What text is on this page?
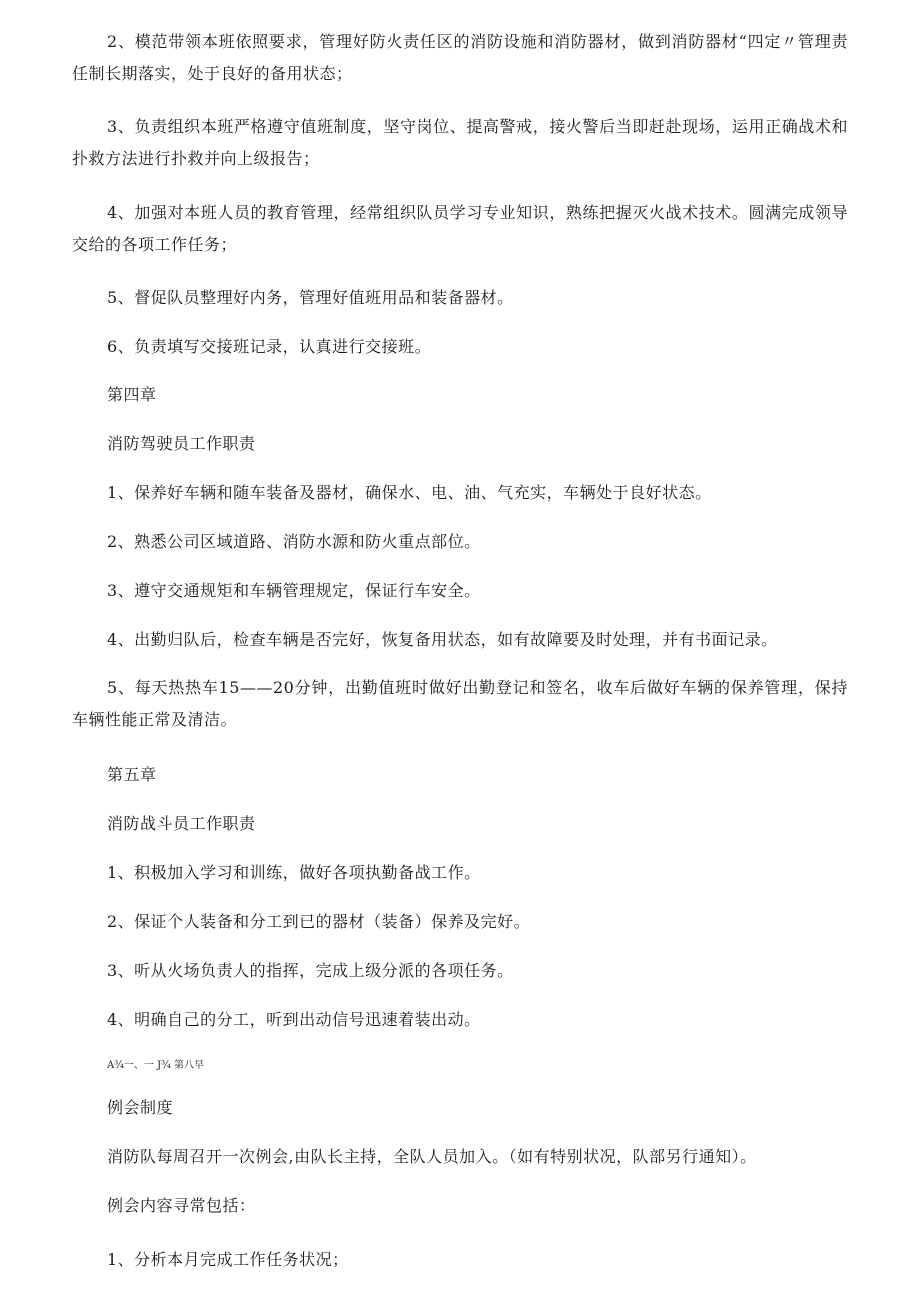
2、模范带领本班依照要求，管理好防火责任区的消防设施和消防器材，做到消防器材“四定〃管理责任制长期落实，处于良好的备用状态；

3、负责组织本班严格遵守值班制度，坚守岗位、提高警戒，接火警后当即赶赴现场，运用正确战术和扑救方法进行扑救并向上级报告；

4、加强对本班人员的教育管理，经常组织队员学习专业知识，熟练把握灭火战术技术。圆满完成领导交给的各项工作任务；

5、督促队员整理好内务，管理好值班用品和装备器材。

6、负责填写交接班记录，认真进行交接班。

第四章

消防驾驶员工作职责

1、保养好车辆和随车装备及器材，确保水、电、油、气充实，车辆处于良好状态。

2、熟悉公司区域道路、消防水源和防火重点部位。

3、遵守交通规矩和车辆管理规定，保证行车安全。

4、出勤归队后，检查车辆是否完好，恢复备用状态，如有故障要及时处理，并有书面记录。

5、每天热热车15——20分钟，出勤值班时做好出勤登记和签名，收车后做好车辆的保养管理，保持车辆性能正常及清洁。

第五章

消防战斗员工作职责

1、积极加入学习和训练，做好各项执勤备战工作。

2、保证个人装备和分工到已的器材（装备）保养及完好。

3、听从火场负责人的指挥，完成上级分派的各项任务。

4、明确自己的分工，听到出动信号迅速着装出动。

A¾一、一 J¾ 第八早

例会制度

消防队每周召开一次例会,由队长主持，全队人员加入。（如有特别状况，队部另行通知）。

例会内容寻常包括：

1、分析本月完成工作任务状况；
